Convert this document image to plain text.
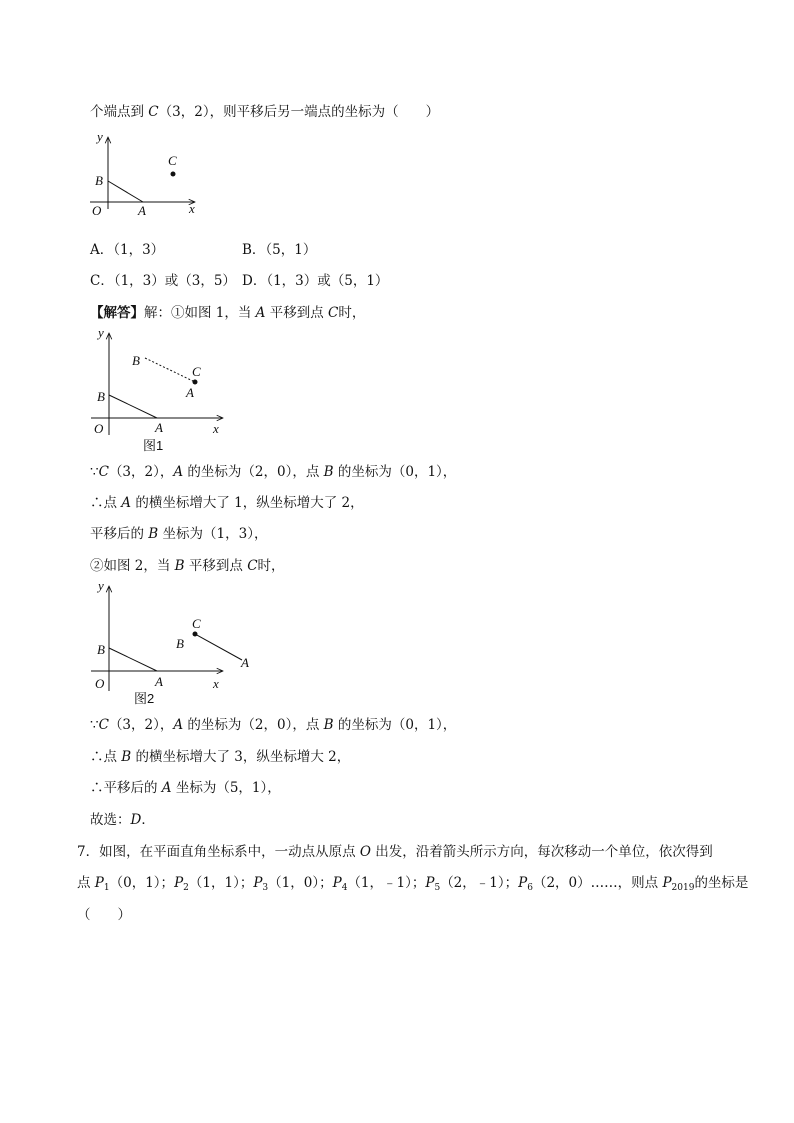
个端点到 C（3，2），则平移后另一端点的坐标为（　　）
y
x
O	A
B
C
A．（1，3）	B．（5，1）
C．（1，3）或（3，5） D．（1，3）或（5，1）
【解答】解：①如图 1，当 A 平移到点 C时，
y
x
O	A
B
B
C
A
图1
∵C（3，2），A 的坐标为（2，0），点 B 的坐标为（0，1），
∴点 A 的横坐标增大了 1，纵坐标增大了 2，
平移后的 B 坐标为（1，3），
②如图 2，当 B 平移到点 C时，
y
x
O	A
B	B
C
A
图2
∵C（3，2），A 的坐标为（2，0），点 B 的坐标为（0，1），
∴点 B 的横坐标增大了 3，纵坐标增大 2，
∴平移后的 A 坐标为（5，1），
故选：D．
7．如图，在平面直角坐标系中，一动点从原点 O 出发，沿着箭头所示方向，每次移动一个单位，依次得到
点 $P_1(0$，1）；$P_2(1$，1）；$P_3(1$，0）；$P_4(1$，﹣1）；$P_5(2$，﹣1）；$P_6(2$，0）……，则点 $P_{2019}$的坐标是
（　　）
